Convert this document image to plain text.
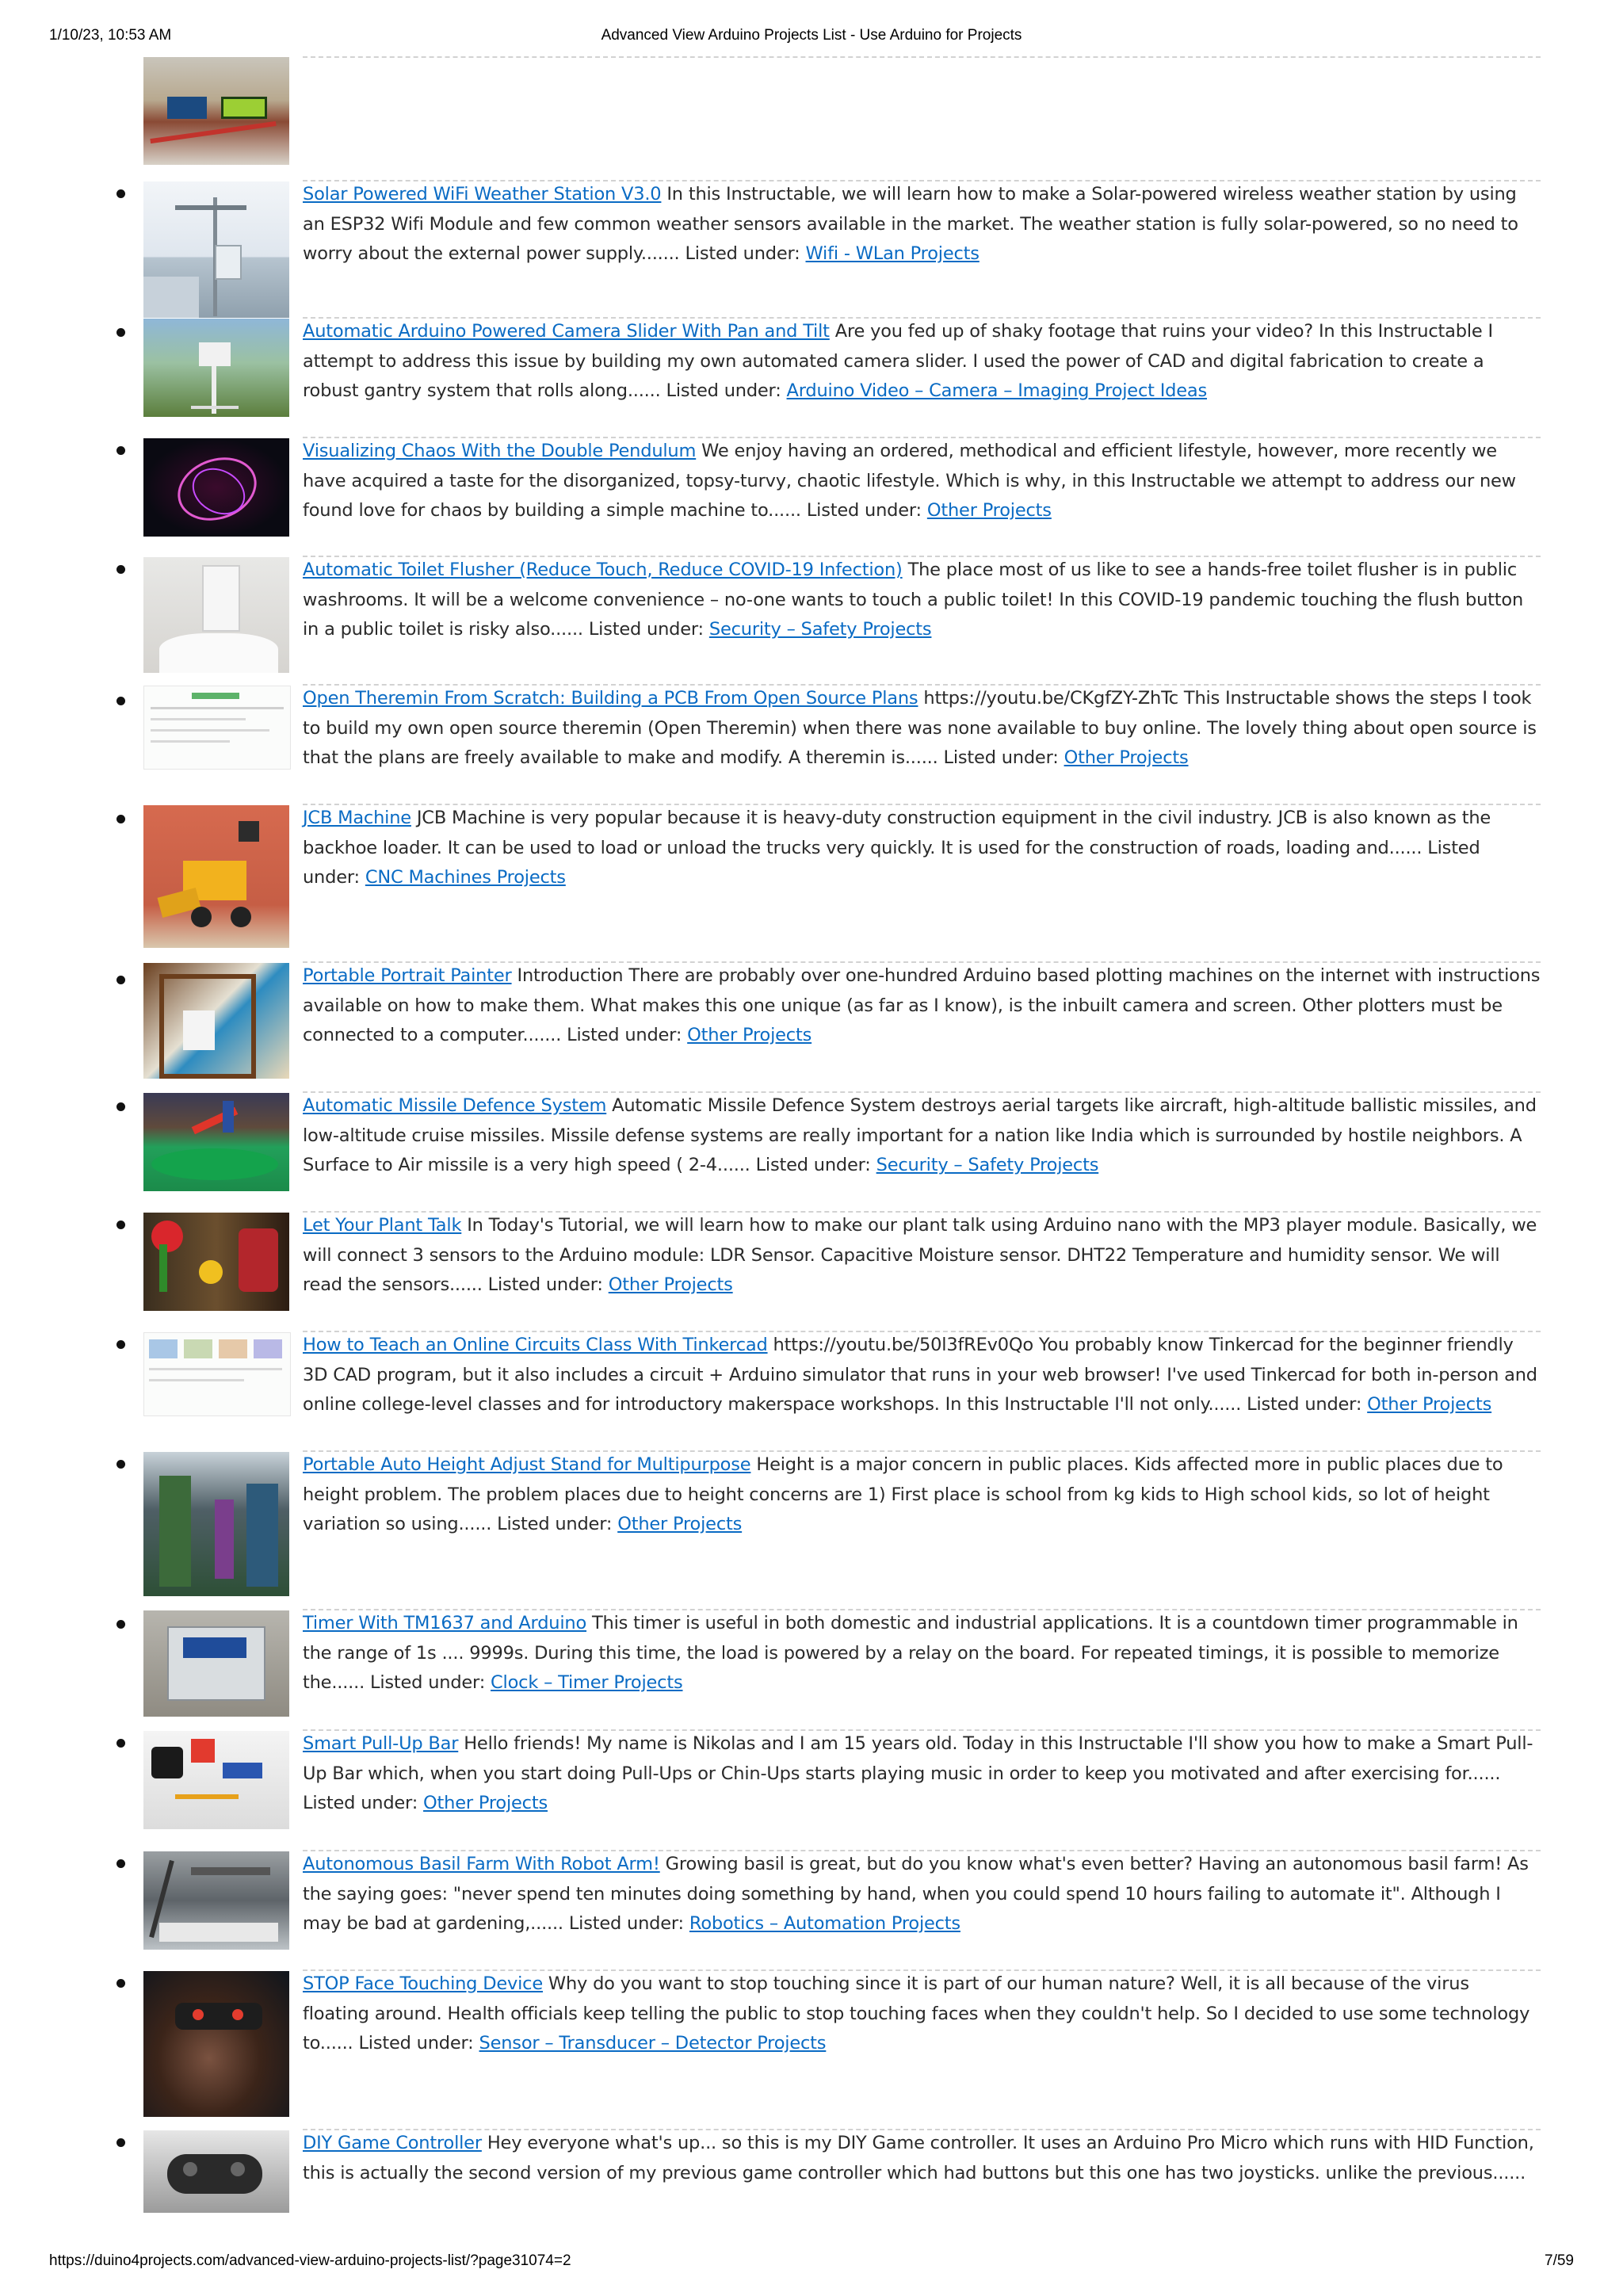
1/10/23, 10:53 AM	Advanced View Arduino Projects List - Use Arduino for Projects
Solar Powered WiFi Weather Station V3.0 In this Instructable, we will learn how to make a Solar-powered wireless weather station by using an ESP32 Wifi Module and few common weather sensors available in the market. The weather station is fully solar-powered, so no need to worry about the external power supply....... Listed under: Wifi - WLan Projects
Automatic Arduino Powered Camera Slider With Pan and Tilt Are you fed up of shaky footage that ruins your video? In this Instructable I attempt to address this issue by building my own automated camera slider. I used the power of CAD and digital fabrication to create a robust gantry system that rolls along...... Listed under: Arduino Video – Camera – Imaging Project Ideas
Visualizing Chaos With the Double Pendulum We enjoy having an ordered, methodical and efficient lifestyle, however, more recently we have acquired a taste for the disorganized, topsy-turvy, chaotic lifestyle. Which is why, in this Instructable we attempt to address our new found love for chaos by building a simple machine to...... Listed under: Other Projects
Automatic Toilet Flusher (Reduce Touch, Reduce COVID-19 Infection) The place most of us like to see a hands-free toilet flusher is in public washrooms. It will be a welcome convenience – no-one wants to touch a public toilet! In this COVID-19 pandemic touching the flush button in a public toilet is risky also...... Listed under: Security – Safety Projects
Open Theremin From Scratch: Building a PCB From Open Source Plans https://youtu.be/CKgfZY-ZhTc This Instructable shows the steps I took to build my own open source theremin (Open Theremin) when there was none available to buy online. The lovely thing about open source is that the plans are freely available to make and modify. A theremin is...... Listed under: Other Projects
JCB Machine JCB Machine is very popular because it is heavy-duty construction equipment in the civil industry. JCB is also known as the backhoe loader. It can be used to load or unload the trucks very quickly. It is used for the construction of roads, loading and...... Listed under: CNC Machines Projects
Portable Portrait Painter Introduction There are probably over one-hundred Arduino based plotting machines on the internet with instructions available on how to make them. What makes this one unique (as far as I know), is the inbuilt camera and screen. Other plotters must be connected to a computer....... Listed under: Other Projects
Automatic Missile Defence System Automatic Missile Defence System destroys aerial targets like aircraft, high-altitude ballistic missiles, and low-altitude cruise missiles. Missile defense systems are really important for a nation like India which is surrounded by hostile neighbors. A Surface to Air missile is a very high speed ( 2-4...... Listed under: Security – Safety Projects
Let Your Plant Talk In Today's Tutorial, we will learn how to make our plant talk using Arduino nano with the MP3 player module. Basically, we will connect 3 sensors to the Arduino module: LDR Sensor. Capacitive Moisture sensor. DHT22 Temperature and humidity sensor. We will read the sensors...... Listed under: Other Projects
How to Teach an Online Circuits Class With Tinkercad https://youtu.be/50l3fREv0Qo You probably know Tinkercad for the beginner friendly 3D CAD program, but it also includes a circuit + Arduino simulator that runs in your web browser! I've used Tinkercad for both in-person and online college-level classes and for introductory makerspace workshops. In this Instructable I'll not only...... Listed under: Other Projects
Portable Auto Height Adjust Stand for Multipurpose Height is a major concern in public places. Kids affected more in public places due to height problem. The problem places due to height concerns are 1) First place is school from kg kids to High school kids, so lot of height variation so using...... Listed under: Other Projects
Timer With TM1637 and Arduino This timer is useful in both domestic and industrial applications. It is a countdown timer programmable in the range of 1s .... 9999s. During this time, the load is powered by a relay on the board. For repeated timings, it is possible to memorize the...... Listed under: Clock – Timer Projects
Smart Pull-Up Bar Hello friends! My name is Nikolas and I am 15 years old. Today in this Instructable I'll show you how to make a Smart Pull-Up Bar which, when you start doing Pull-Ups or Chin-Ups starts playing music in order to keep you motivated and after exercising for...... Listed under: Other Projects
Autonomous Basil Farm With Robot Arm! Growing basil is great, but do you know what's even better? Having an autonomous basil farm! As the saying goes: "never spend ten minutes doing something by hand, when you could spend 10 hours failing to automate it". Although I may be bad at gardening,...... Listed under: Robotics – Automation Projects
STOP Face Touching Device Why do you want to stop touching since it is part of our human nature? Well, it is all because of the virus floating around. Health officials keep telling the public to stop touching faces when they couldn't help. So I decided to use some technology to...... Listed under: Sensor – Transducer – Detector Projects
DIY Game Controller Hey everyone what's up... so this is my DIY Game controller. It uses an Arduino Pro Micro which runs with HID Function, this is actually the second version of my previous game controller which had buttons but this one has two joysticks. unlike the previous......
https://duino4projects.com/advanced-view-arduino-projects-list/?page31074=2	7/59
